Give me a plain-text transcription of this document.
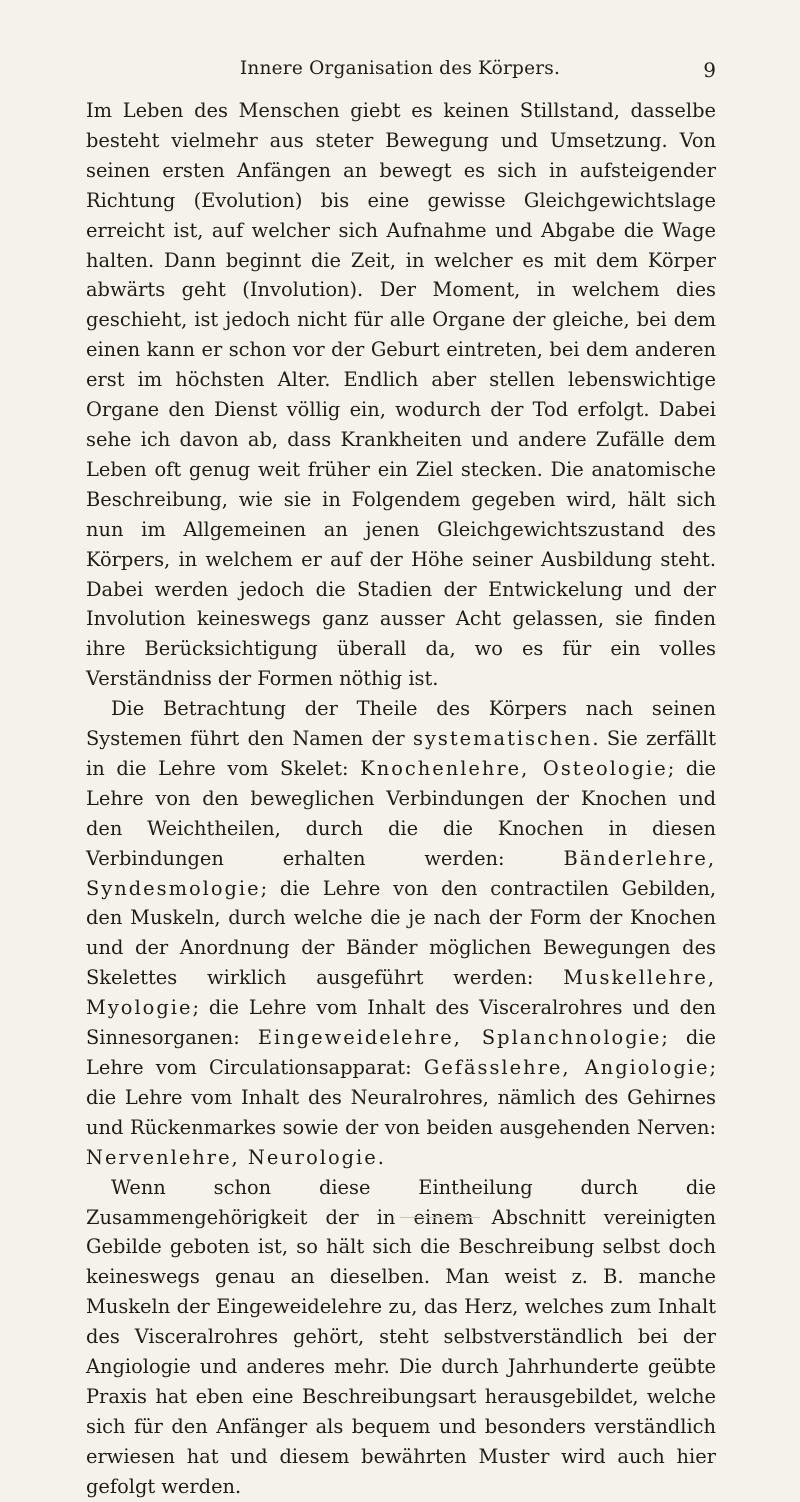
Innere Organisation des Körpers.	9

Im Leben des Menschen giebt es keinen Stillstand, dasselbe besteht vielmehr aus steter Bewegung und Umsetzung. Von seinen ersten Anfängen an bewegt es sich in aufsteigender Richtung (Evolution) bis eine gewisse Gleichgewichtslage erreicht ist, auf welcher sich Aufnahme und Abgabe die Wage halten. Dann beginnt die Zeit, in welcher es mit dem Körper abwärts geht (Involution). Der Moment, in welchem dies geschieht, ist jedoch nicht für alle Organe der gleiche, bei dem einen kann er schon vor der Geburt eintreten, bei dem anderen erst im höchsten Alter. Endlich aber stellen lebenswichtige Organe den Dienst völlig ein, wodurch der Tod erfolgt. Dabei sehe ich davon ab, dass Krankheiten und andere Zufälle dem Leben oft genug weit früher ein Ziel stecken. Die anatomische Beschreibung, wie sie in Folgendem gegeben wird, hält sich nun im Allgemeinen an jenen Gleichgewichtszustand des Körpers, in welchem er auf der Höhe seiner Ausbildung steht. Dabei werden jedoch die Stadien der Entwickelung und der Involution keineswegs ganz ausser Acht gelassen, sie finden ihre Berücksichtigung überall da, wo es für ein volles Verständniss der Formen nöthig ist.

Die Betrachtung der Theile des Körpers nach seinen Systemen führt den Namen der systematischen. Sie zerfällt in die Lehre vom Skelet: Knochenlehre, Osteologie; die Lehre von den beweglichen Verbindungen der Knochen und den Weichtheilen, durch die die Knochen in diesen Verbindungen erhalten werden: Bänderlehre, Syndesmologie; die Lehre von den contractilen Gebilden, den Muskeln, durch welche die je nach der Form der Knochen und der Anordnung der Bänder möglichen Bewegungen des Skelettes wirklich ausgeführt werden: Muskellehre, Myologie; die Lehre vom Inhalt des Visceralrohres und den Sinnesorganen: Eingeweidelehre, Splanchnologie; die Lehre vom Circulationsapparat: Gefässlehre, Angiologie; die Lehre vom Inhalt des Neuralrohres, nämlich des Gehirnes und Rückenmarkes sowie der von beiden ausgehenden Nerven: Nervenlehre, Neurologie.

Wenn schon diese Eintheilung durch die Zusammengehörigkeit der in einem Abschnitt vereinigten Gebilde geboten ist, so hält sich die Beschreibung selbst doch keineswegs genau an dieselben. Man weist z. B. manche Muskeln der Eingeweidelehre zu, das Herz, welches zum Inhalt des Visceralrohres gehört, steht selbstverständlich bei der Angiologie und anderes mehr. Die durch Jahrhunderte geübte Praxis hat eben eine Beschreibungsart herausgebildet, welche sich für den Anfänger als bequem und besonders verständlich erwiesen hat und diesem bewährten Muster wird auch hier gefolgt werden.
